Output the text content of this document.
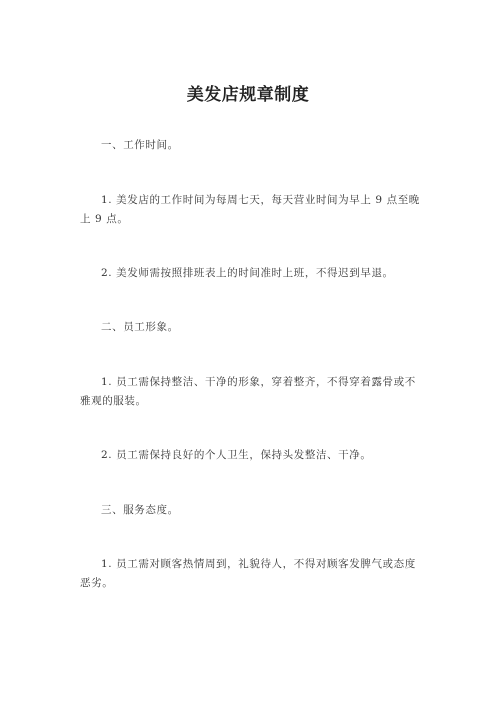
美发店规章制度

一、工作时间。

1. 美发店的工作时间为每周七天，每天营业时间为早上 9 点至晚上 9 点。

2. 美发师需按照排班表上的时间准时上班，不得迟到早退。

二、员工形象。

1. 员工需保持整洁、干净的形象，穿着整齐，不得穿着露骨或不雅观的服装。

2. 员工需保持良好的个人卫生，保持头发整洁、干净。

三、服务态度。

1. 员工需对顾客热情周到，礼貌待人，不得对顾客发脾气或态度恶劣。
